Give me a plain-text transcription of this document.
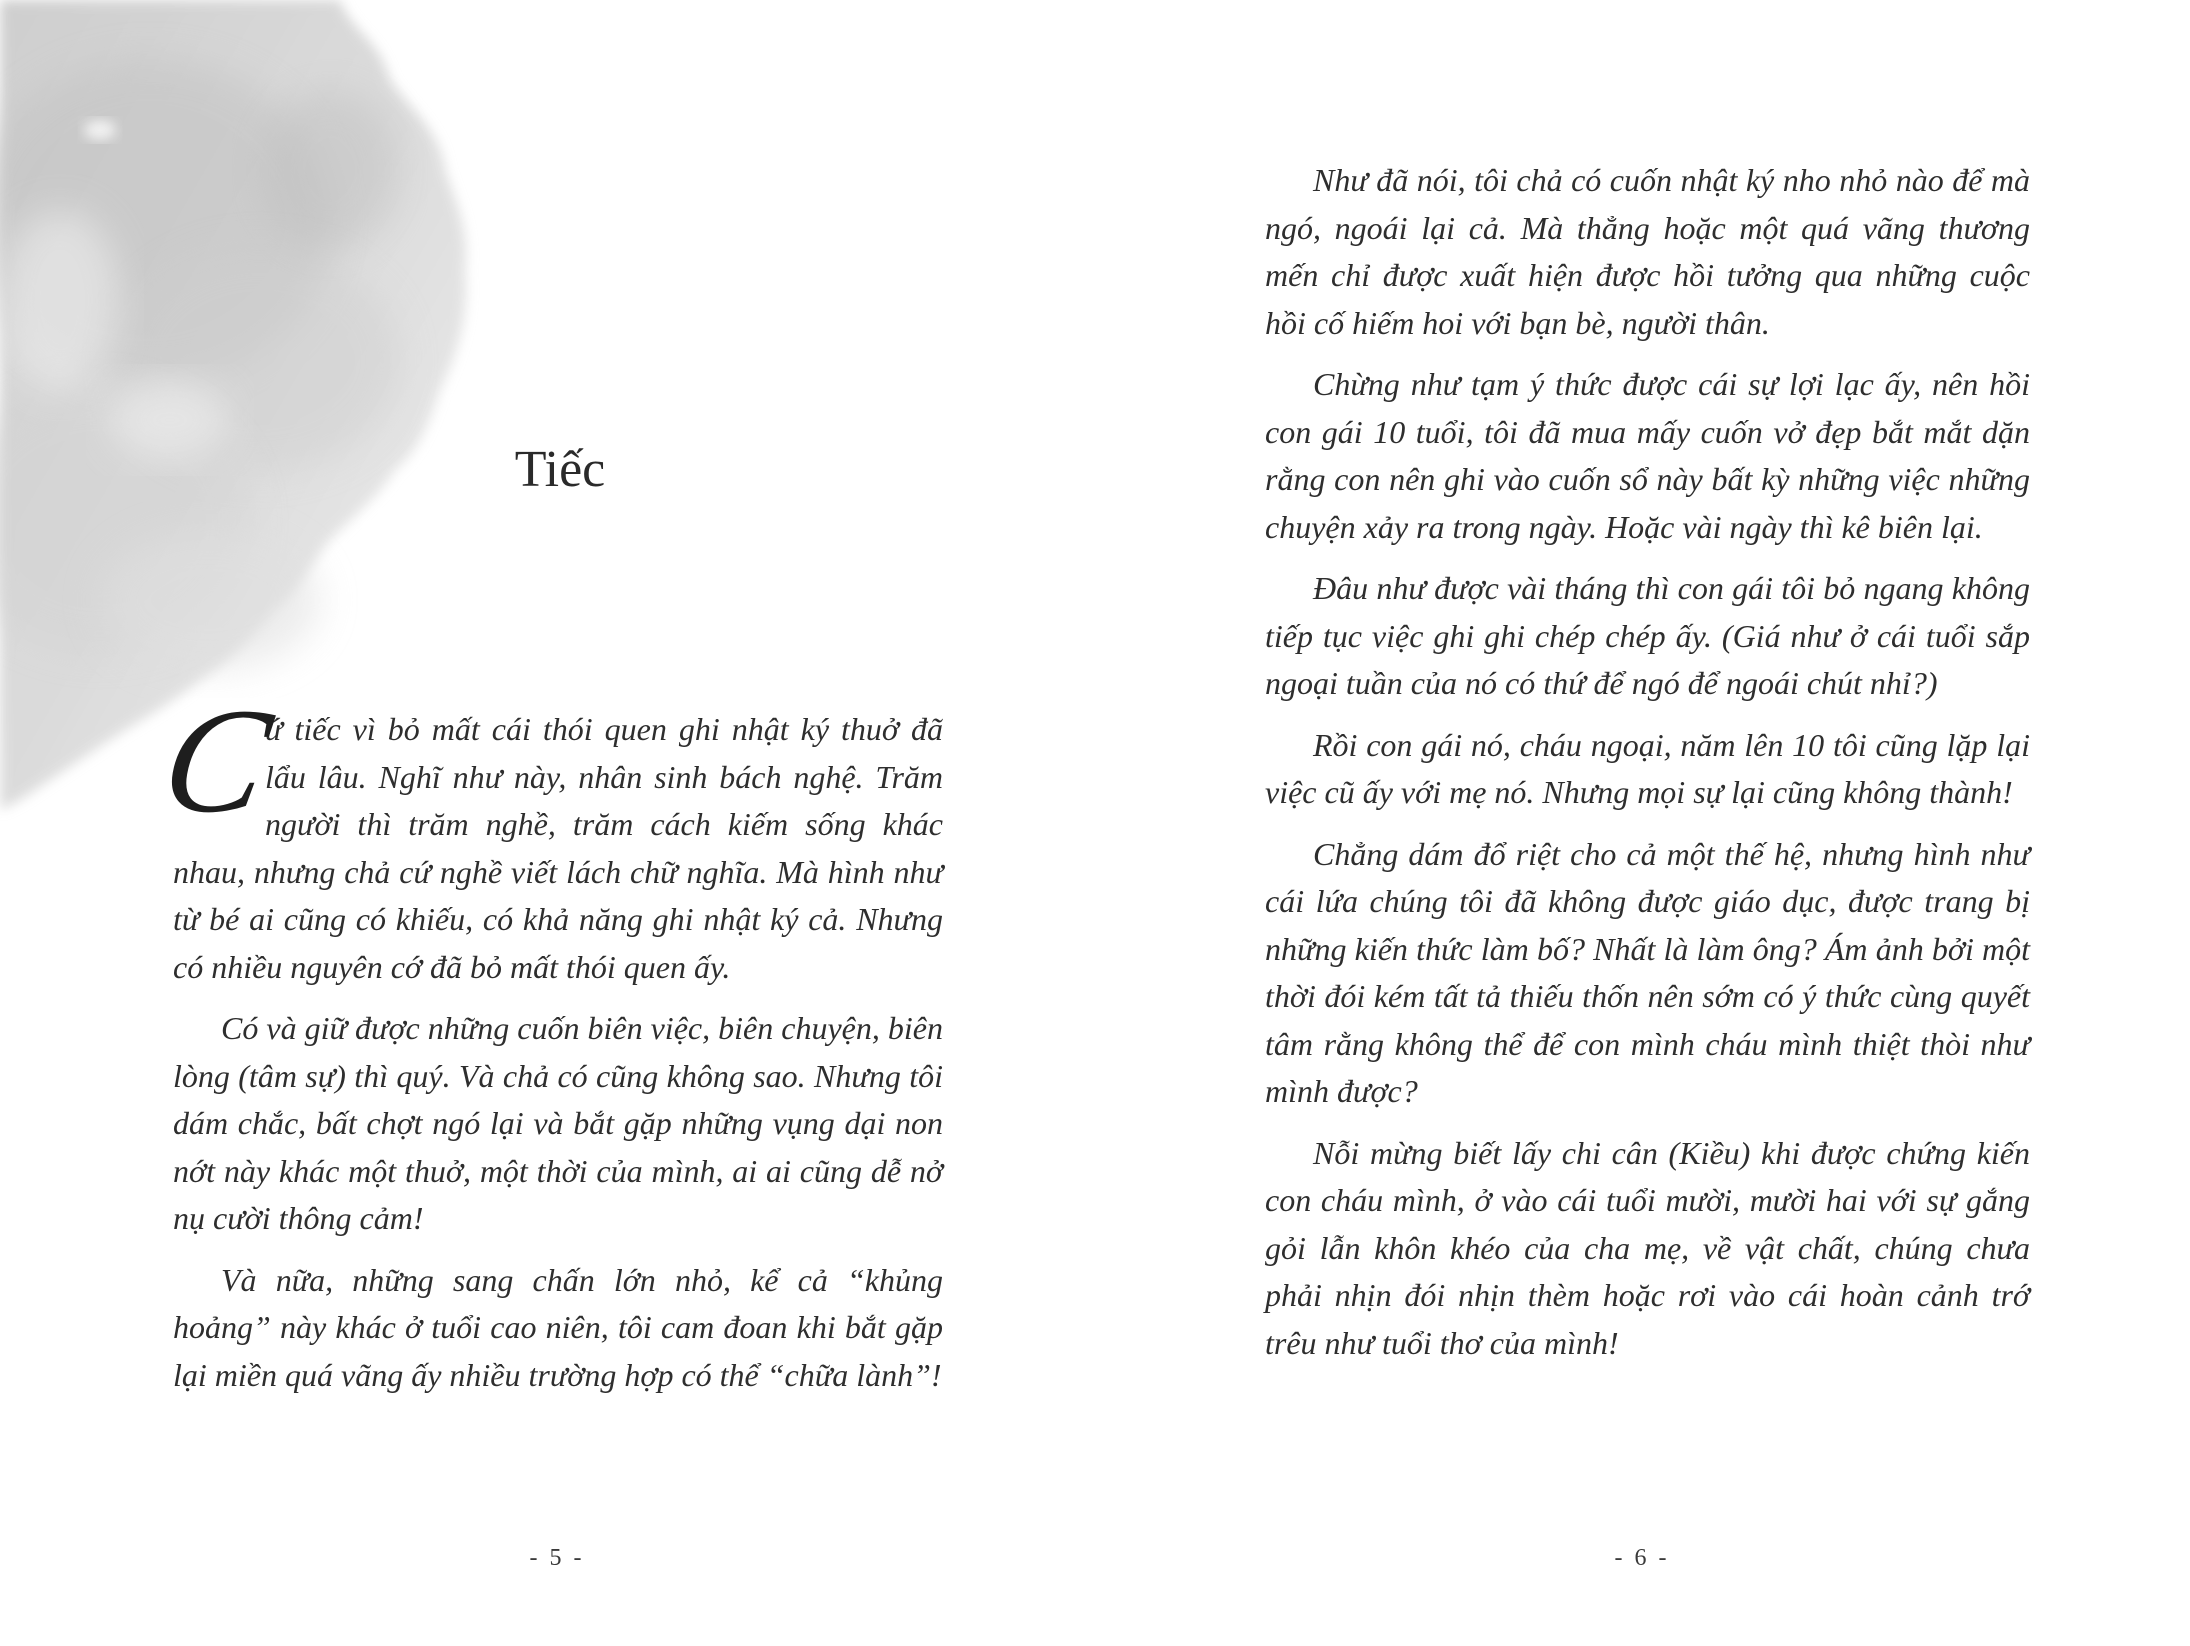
Tiếc

C
ứ tiếc vì bỏ mất cái thói quen ghi nhật ký thuở đã lẩu lâu. Nghĩ như này, nhân sinh bách nghệ. Trăm người thì trăm nghề, trăm cách kiếm sống khác nhau, nhưng chả cứ nghề viết lách chữ nghĩa. Mà hình như từ bé ai cũng có khiếu, có khả năng ghi nhật ký cả. Nhưng có nhiều nguyên cớ đã bỏ mất thói quen ấy.

Có và giữ được những cuốn biên việc, biên chuyện, biên lòng (tâm sự) thì quý. Và chả có cũng không sao. Nhưng tôi dám chắc, bất chợt ngó lại và bắt gặp những vụng dại non nớt này khác một thuở, một thời của mình, ai ai cũng dễ nở nụ cười thông cảm!

Và nữa, những sang chấn lớn nhỏ, kể cả “khủng hoảng” này khác ở tuổi cao niên, tôi cam đoan khi bắt gặp lại miền quá vãng ấy nhiều trường hợp có thể “chữa lành”!

- 5 -

Như đã nói, tôi chả có cuốn nhật ký nho nhỏ nào để mà ngó, ngoái lại cả. Mà thẳng hoặc một quá vãng thương mến chỉ được xuất hiện được hồi tưởng qua những cuộc hồi cố hiếm hoi với bạn bè, người thân.

Chừng như tạm ý thức được cái sự lợi lạc ấy, nên hồi con gái 10 tuổi, tôi đã mua mấy cuốn vở đẹp bắt mắt dặn rằng con nên ghi vào cuốn sổ này bất kỳ những việc những chuyện xảy ra trong ngày. Hoặc vài ngày thì kê biên lại.

Đâu như được vài tháng thì con gái tôi bỏ ngang không tiếp tục việc ghi ghi chép chép ấy. (Giá như ở cái tuổi sắp ngoại tuần của nó có thứ để ngó để ngoái chút nhỉ?)

Rồi con gái nó, cháu ngoại, năm lên 10 tôi cũng lặp lại việc cũ ấy với mẹ nó. Nhưng mọi sự lại cũng không thành!

Chẳng dám đổ riệt cho cả một thế hệ, nhưng hình như cái lứa chúng tôi đã không được giáo dục, được trang bị những kiến thức làm bố? Nhất là làm ông? Ám ảnh bởi một thời đói kém tất tả thiếu thốn nên sớm có ý thức cùng quyết tâm rằng không thể để con mình cháu mình thiệt thòi như mình được?

Nỗi mừng biết lấy chi cân (Kiều) khi được chứng kiến con cháu mình, ở vào cái tuổi mười, mười hai với sự gắng gỏi lẫn khôn khéo của cha mẹ, về vật chất, chúng chưa phải nhịn đói nhịn thèm hoặc rơi vào cái hoàn cảnh trớ trêu như tuổi thơ của mình!

- 6 -
